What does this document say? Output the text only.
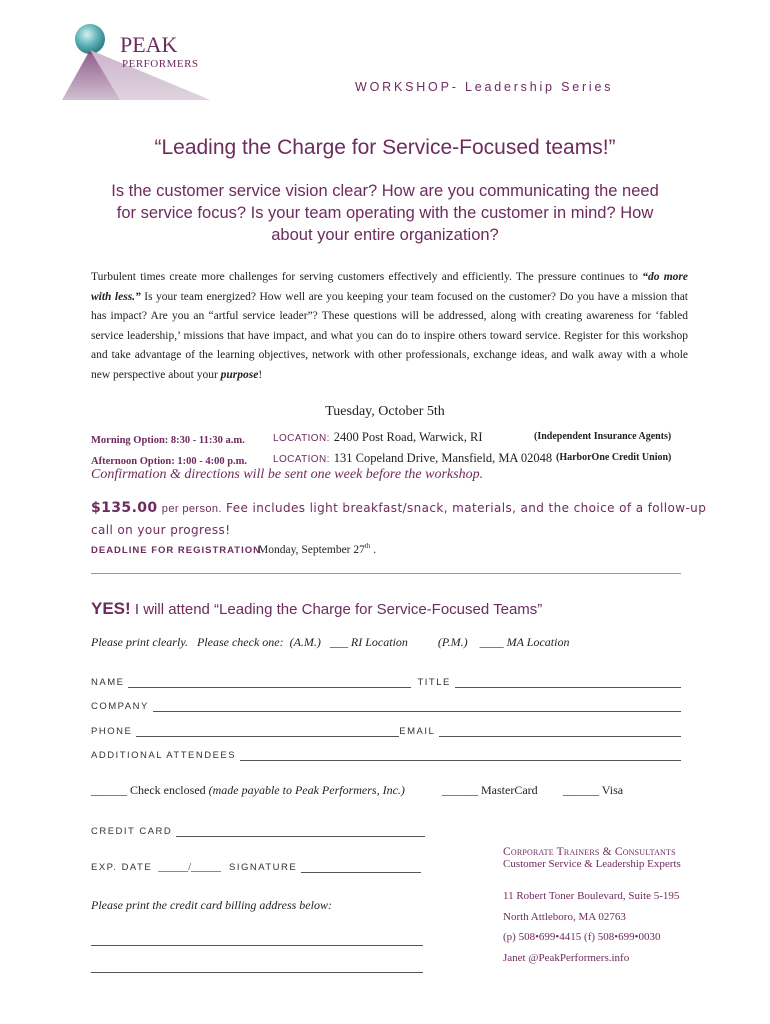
PEAK
PERFORMERS
WORKSHOP- Leadership Series
“Leading the Charge for Service-Focused teams!”
Is the customer service vision clear? How are you communicating the need for service focus? Is your team operating with the customer in mind? How about your entire organization?
Turbulent times create more challenges for serving customers effectively and efficiently. The pressure continues to “do more with less.” Is your team energized? How well are you keeping your team focused on the customer? Do you have a mission that has impact? Are you an “artful service leader”? These questions will be addressed, along with creating awareness for ‘fabled service leadership,’ missions that have impact, and what you can do to inspire others toward service. Register for this workshop and take advantage of the learning objectives, network with other professionals, exchange ideas, and walk away with a whole new perspective about your purpose!
Tuesday, October 5th
Morning Option: 8:30 - 11:30 a.m.	LOCATION: 2400 Post Road, Warwick, RI	(Independent Insurance Agents)
Afternoon Option: 1:00 - 4:00 p.m.	LOCATION: 131 Copeland Drive, Mansfield, MA 02048 (HarborOne Credit Union)
Confirmation & directions will be sent one week before the workshop.
$135.00 per person. Fee includes light breakfast/snack, materials, and the choice of a follow-up call on your progress!
DEADLINE FOR REGISTRATION
Monday, September 27th .
YES! I will attend “Leading the Charge for Service-Focused Teams”
Please print clearly.   Please check one:  (A.M.)   ___ RI Location          (P.M.)    ____ MA Location
NAME	TITLE
COMPANY
PHONE	EMAIL
ADDITIONAL ATTENDEES
______ Check enclosed (made payable to Peak Performers, Inc.)	______ MasterCard ______ Visa
CREDIT CARD
EXP. DATE ______/______ SIGNATURE
Please print the credit card billing address below:
Corporate Trainers & Consultants
Customer Service & Leadership Experts
11 Robert Toner Boulevard, Suite 5-195
North Attleboro, MA 02763
(p) 508•699•4415 (f) 508•699•0030
Janet @PeakPerformers.info
